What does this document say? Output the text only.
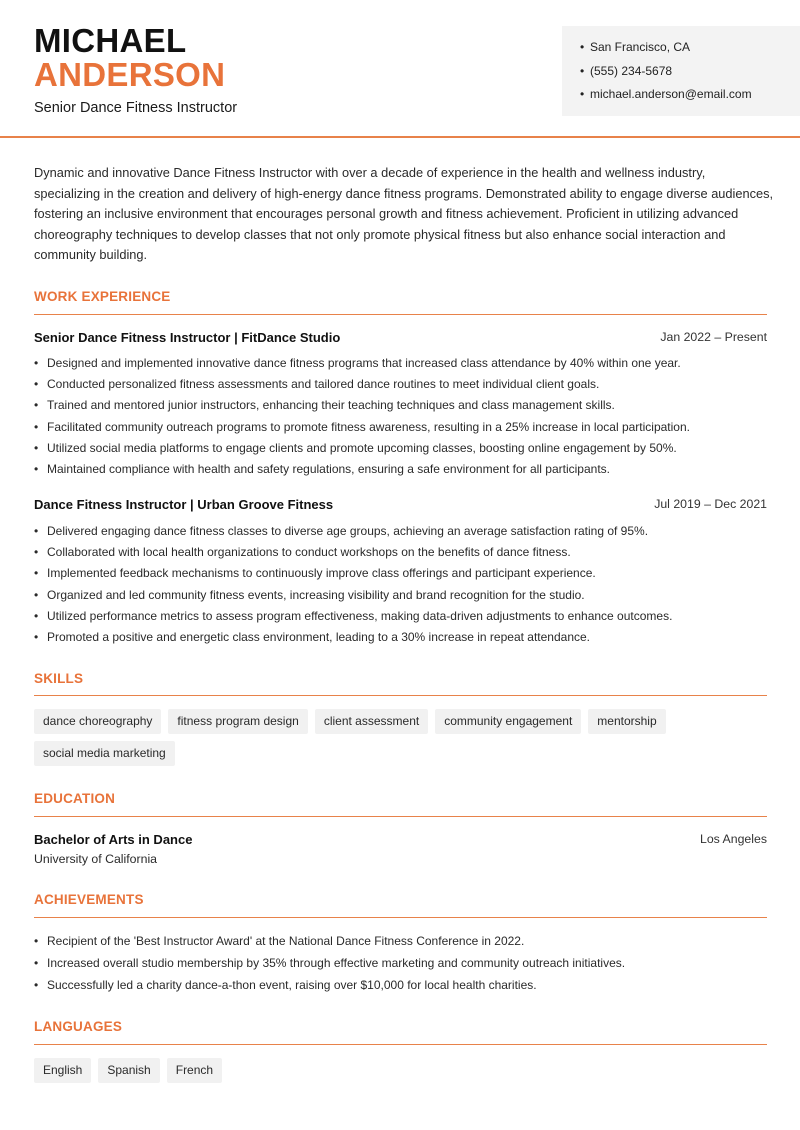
MICHAEL
ANDERSON
Senior Dance Fitness Instructor
• San Francisco, CA
• (555) 234-5678
• michael.anderson@email.com
Dynamic and innovative Dance Fitness Instructor with over a decade of experience in the health and wellness industry, specializing in the creation and delivery of high-energy dance fitness programs. Demonstrated ability to engage diverse audiences, fostering an inclusive environment that encourages personal growth and fitness achievement. Proficient in utilizing advanced choreography techniques to develop classes that not only promote physical fitness but also enhance social interaction and community building.
WORK EXPERIENCE
Senior Dance Fitness Instructor | FitDance Studio	Jan 2022 – Present
• Designed and implemented innovative dance fitness programs that increased class attendance by 40% within one year.
• Conducted personalized fitness assessments and tailored dance routines to meet individual client goals.
• Trained and mentored junior instructors, enhancing their teaching techniques and class management skills.
• Facilitated community outreach programs to promote fitness awareness, resulting in a 25% increase in local participation.
• Utilized social media platforms to engage clients and promote upcoming classes, boosting online engagement by 50%.
• Maintained compliance with health and safety regulations, ensuring a safe environment for all participants.
Dance Fitness Instructor | Urban Groove Fitness	Jul 2019 – Dec 2021
• Delivered engaging dance fitness classes to diverse age groups, achieving an average satisfaction rating of 95%.
• Collaborated with local health organizations to conduct workshops on the benefits of dance fitness.
• Implemented feedback mechanisms to continuously improve class offerings and participant experience.
• Organized and led community fitness events, increasing visibility and brand recognition for the studio.
• Utilized performance metrics to assess program effectiveness, making data-driven adjustments to enhance outcomes.
• Promoted a positive and energetic class environment, leading to a 30% increase in repeat attendance.
SKILLS
dance choreography	fitness program design	client assessment	community engagement	mentorship
social media marketing
EDUCATION
Bachelor of Arts in Dance	Los Angeles
University of California
ACHIEVEMENTS
• Recipient of the 'Best Instructor Award' at the National Dance Fitness Conference in 2022.
• Increased overall studio membership by 35% through effective marketing and community outreach initiatives.
• Successfully led a charity dance-a-thon event, raising over $10,000 for local health charities.
LANGUAGES
English	Spanish	French
